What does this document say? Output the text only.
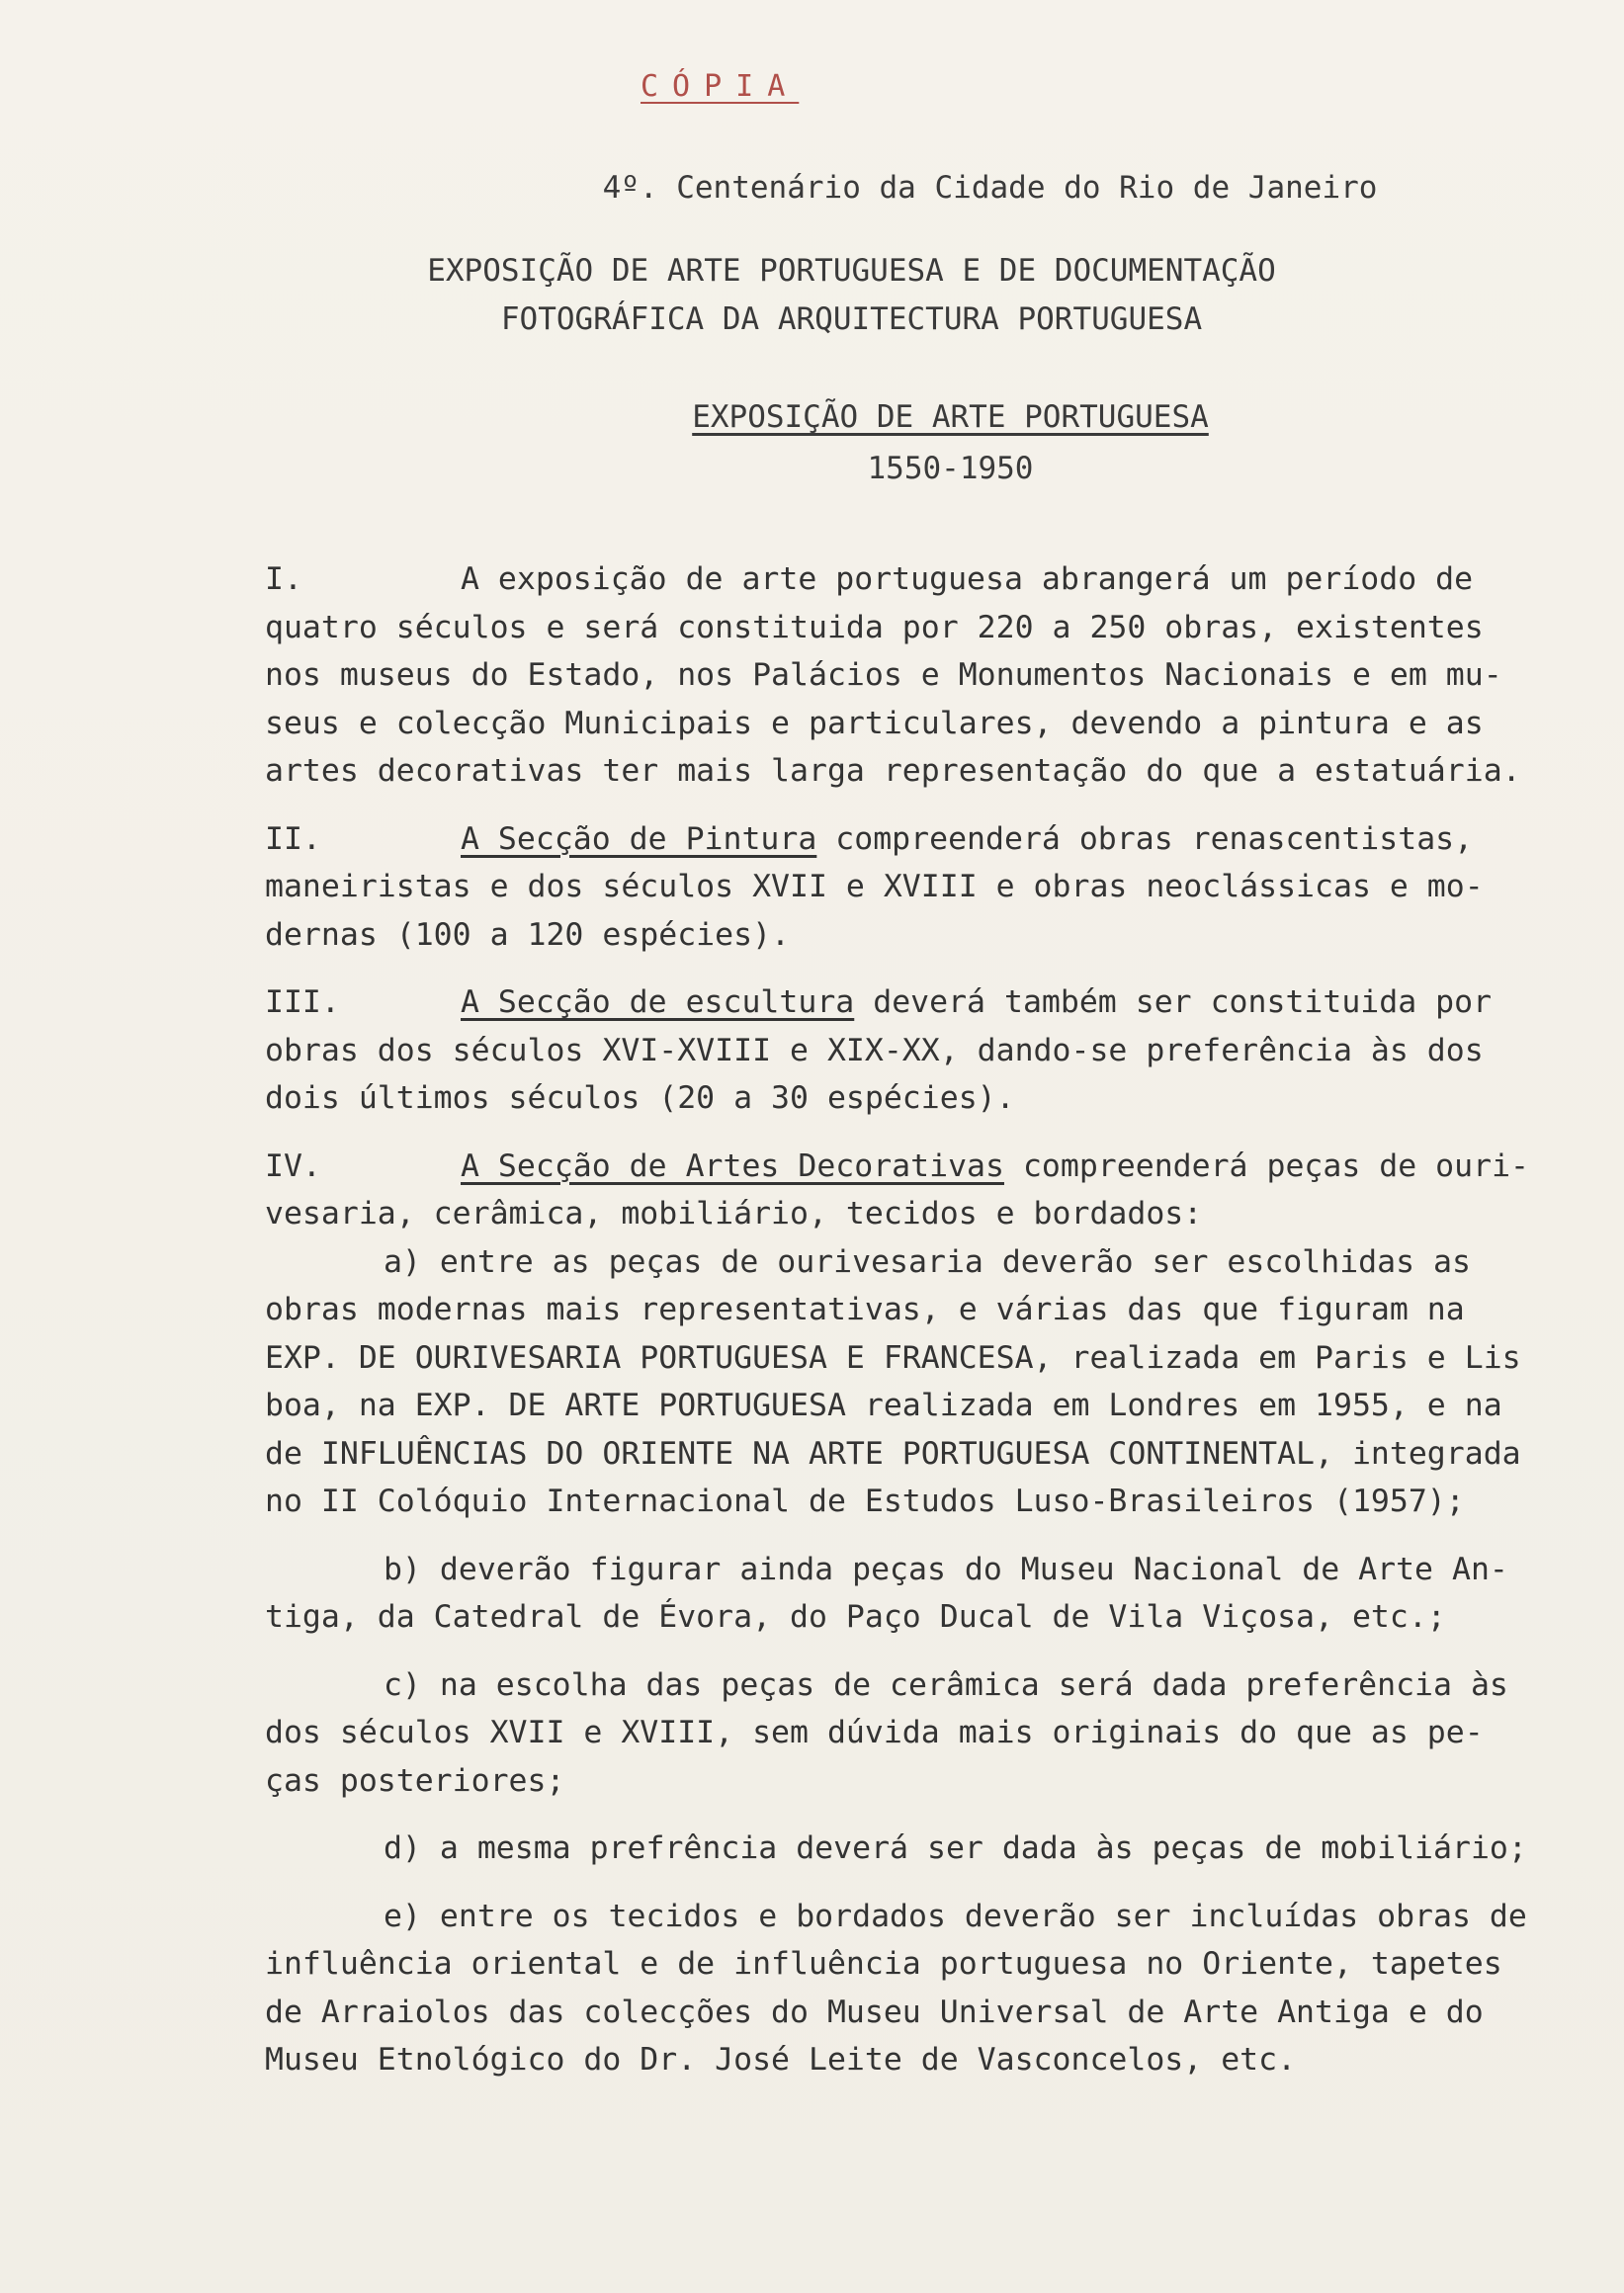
CÓPIA
4º. Centenário da Cidade do Rio de Janeiro
EXPOSIÇÃO DE ARTE PORTUGUESA E DE DOCUMENTAÇÃO
FOTOGRÁFICA DA ARQUITECTURA PORTUGUESA
EXPOSIÇÃO DE ARTE PORTUGUESA
1550-1950
I.	A exposição de arte portuguesa abrangerá um período de
quatro séculos e será constituida por 220 a 250 obras, existentes
nos museus do Estado, nos Palácios e Monumentos Nacionais e em mu-
seus e colecção Municipais e particulares, devendo a pintura e as
artes decorativas ter mais larga representação do que a estatuária.
II.	A Secção de Pintura compreenderá obras renascentistas,
maneiristas e dos séculos XVII e XVIII e obras neoclássicas e mo-
dernas (100 a 120 espécies).
III.	A Secção de escultura deverá também ser constituida por
obras dos séculos XVI-XVIII e XIX-XX, dando-se preferência às dos
dois últimos séculos (20 a 30 espécies).
IV.	A Secção de Artes Decorativas compreenderá peças de ouri-
vesaria, cerâmica, mobiliário, tecidos e bordados:
a) entre as peças de ourivesaria deverão ser escolhidas as
obras modernas mais representativas, e várias das que figuram na
EXP. DE OURIVESARIA PORTUGUESA E FRANCESA, realizada em Paris e Lis
boa, na EXP. DE ARTE PORTUGUESA realizada em Londres em 1955, e na
de INFLUÊNCIAS DO ORIENTE NA ARTE PORTUGUESA CONTINENTAL, integrada
no II Colóquio Internacional de Estudos Luso-Brasileiros (1957);
b) deverão figurar ainda peças do Museu Nacional de Arte An-
tiga, da Catedral de Évora, do Paço Ducal de Vila Viçosa, etc.;
c) na escolha das peças de cerâmica será dada preferência às
dos séculos XVII e XVIII, sem dúvida mais originais do que as pe-
ças posteriores;
d) a mesma prefrência deverá ser dada às peças de mobiliário;
e) entre os tecidos e bordados deverão ser incluídas obras de
influência oriental e de influência portuguesa no Oriente, tapetes
de Arraiolos das colecções do Museu Universal de Arte Antiga e do
Museu Etnológico do Dr. José Leite de Vasconcelos, etc.
